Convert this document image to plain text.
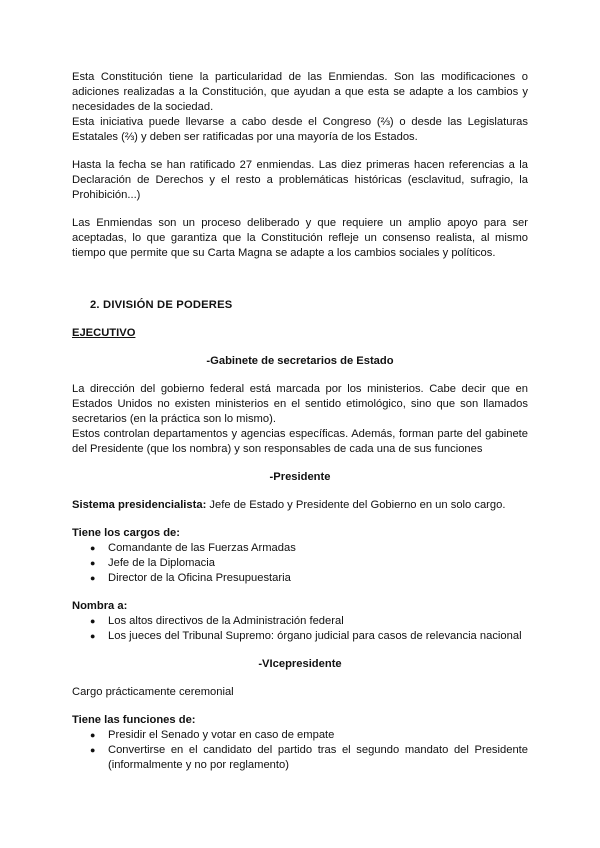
Esta Constitución tiene la particularidad de las Enmiendas. Son las modificaciones o adiciones realizadas a la Constitución, que ayudan a que esta se adapte a los cambios y necesidades de la sociedad.

Esta iniciativa puede llevarse a cabo desde el Congreso (⅔) o desde las Legislaturas Estatales (⅔) y deben ser ratificadas por una mayoría de los Estados.

Hasta la fecha se han ratificado 27 enmiendas. Las diez primeras hacen referencias a la Declaración de Derechos y el resto a problemáticas históricas (esclavitud, sufragio, la Prohibición...)

Las Enmiendas son un proceso deliberado y que requiere un amplio apoyo para ser aceptadas, lo que garantiza que la Constitución refleje un consenso realista, al mismo tiempo que permite que su Carta Magna se adapte a los cambios sociales y políticos.

2. DIVISIÓN DE PODERES

EJECUTIVO

-Gabinete de secretarios de Estado

La dirección del gobierno federal está marcada por los ministerios. Cabe decir que en Estados Unidos no existen ministerios en el sentido etimológico, sino que son llamados secretarios (en la práctica son lo mismo).

Estos controlan departamentos y agencias específicas. Además, forman parte del gabinete del Presidente (que los nombra) y son responsables de cada una de sus funciones

-Presidente

Sistema presidencialista: Jefe de Estado y Presidente del Gobierno en un solo cargo.

Tiene los cargos de:

● Comandante de las Fuerzas Armadas
● Jefe de la Diplomacia
● Director de la Oficina Presupuestaria

Nombra a:

● Los altos directivos de la Administración federal
● Los jueces del Tribunal Supremo: órgano judicial para casos de relevancia nacional

-VIcepresidente

Cargo prácticamente ceremonial

Tiene las funciones de:

● Presidir el Senado y votar en caso de empate
● Convertirse en el candidato del partido tras el segundo mandato del Presidente (informalmente y no por reglamento)
